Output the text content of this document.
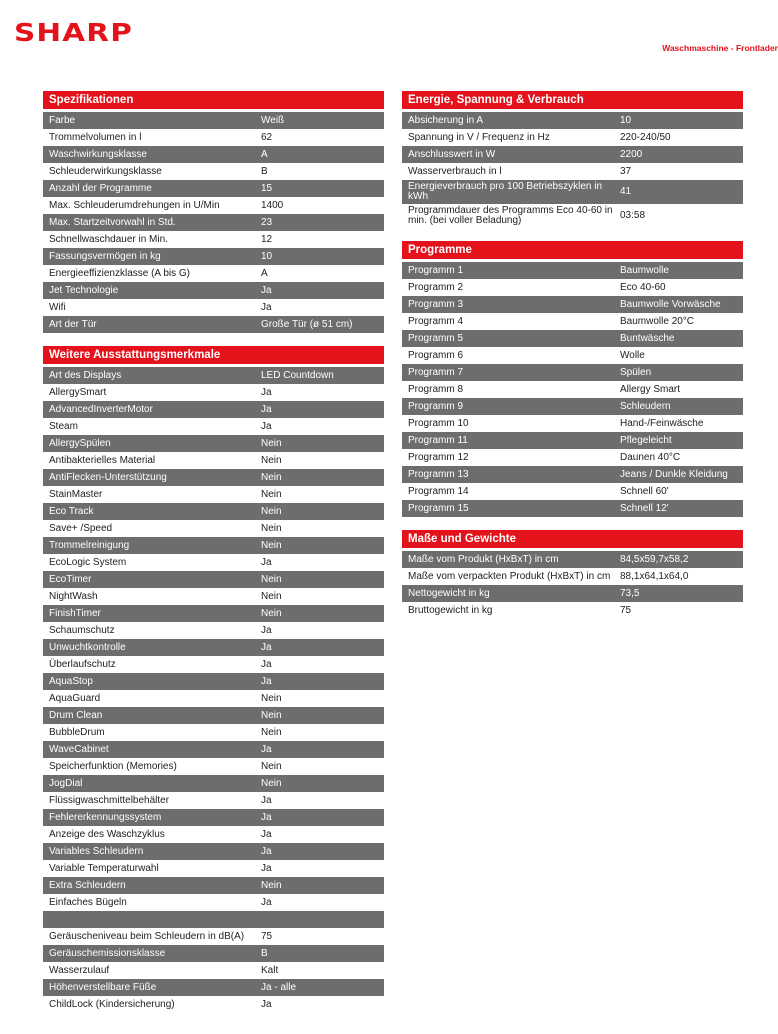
SHARP
Waschmaschine - Frontlader
Spezifikationen
Farbe	Weiß
Trommelvolumen in l	62
Waschwirkungsklasse	A
Schleuderwirkungsklasse	B
Anzahl der Programme	15
Max. Schleuderumdrehungen in U/Min	1400
Max. Startzeitvorwahl in Std.	23
Schnellwaschdauer in Min.	12
Fassungsvermögen in kg	10
Energieeffizienzklasse (A bis G)	A
Jet Technologie	Ja
Wifi	Ja
Art der Tür	Große Tür (ø 51 cm)
Weitere Ausstattungsmerkmale
Art des Displays	LED Countdown
AllergySmart	Ja
AdvancedInverterMotor	Ja
Steam	Ja
AllergySpülen	Nein
Antibakterielles Material	Nein
AntiFlecken-Unterstützung	Nein
StainMaster	Nein
Eco Track	Nein
Save+ /Speed	Nein
Trommelreinigung	Nein
EcoLogic System	Ja
EcoTimer	Nein
NightWash	Nein
FinishTimer	Nein
Schaumschutz	Ja
Unwuchtkontrolle	Ja
Überlaufschutz	Ja
AquaStop	Ja
AquaGuard	Nein
Drum Clean	Nein
BubbleDrum	Nein
WaveCabinet	Ja
Speicherfunktion (Memories)	Nein
JogDial	Nein
Flüssigwaschmittelbehälter	Ja
Fehlererkennungssystem	Ja
Anzeige des Waschzyklus	Ja
Variables Schleudern	Ja
Variable Temperaturwahl	Ja
Extra Schleudern	Nein
Einfaches Bügeln	Ja
Geräuscheniveau beim Schleudern in dB(A)	75
Geräuschemissionsklasse	B
Wasserzulauf	Kalt
Höhenverstellbare Füße	Ja - alle
ChildLock (Kindersicherung)	Ja
Energie, Spannung & Verbrauch
Absicherung in A	10
Spannung in V / Frequenz in Hz	220-240/50
Anschlusswert in W	2200
Wasserverbrauch in l	37
Energieverbrauch pro 100 Betriebszyklen in kWh	41
Programmdauer des Programms Eco 40-60 in min. (bei voller Beladung)	03:58
Programme
Programm 1	Baumwolle
Programm 2	Eco 40-60
Programm 3	Baumwolle Vorwäsche
Programm 4	Baumwolle 20°C
Programm 5	Buntwäsche
Programm 6	Wolle
Programm 7	Spülen
Programm 8	Allergy Smart
Programm 9	Schleudern
Programm 10	Hand-/Feinwäsche
Programm 11	Pflegeleicht
Programm 12	Daunen 40°C
Programm 13	Jeans / Dunkle Kleidung
Programm 14	Schnell 60'
Programm 15	Schnell 12'
Maße und Gewichte
Maße vom Produkt (HxBxT) in cm	84,5x59,7x58,2
Maße vom verpackten Produkt (HxBxT) in cm 88,1x64,1x64,0
Nettogewicht in kg	73,5
Bruttogewicht in kg	75
